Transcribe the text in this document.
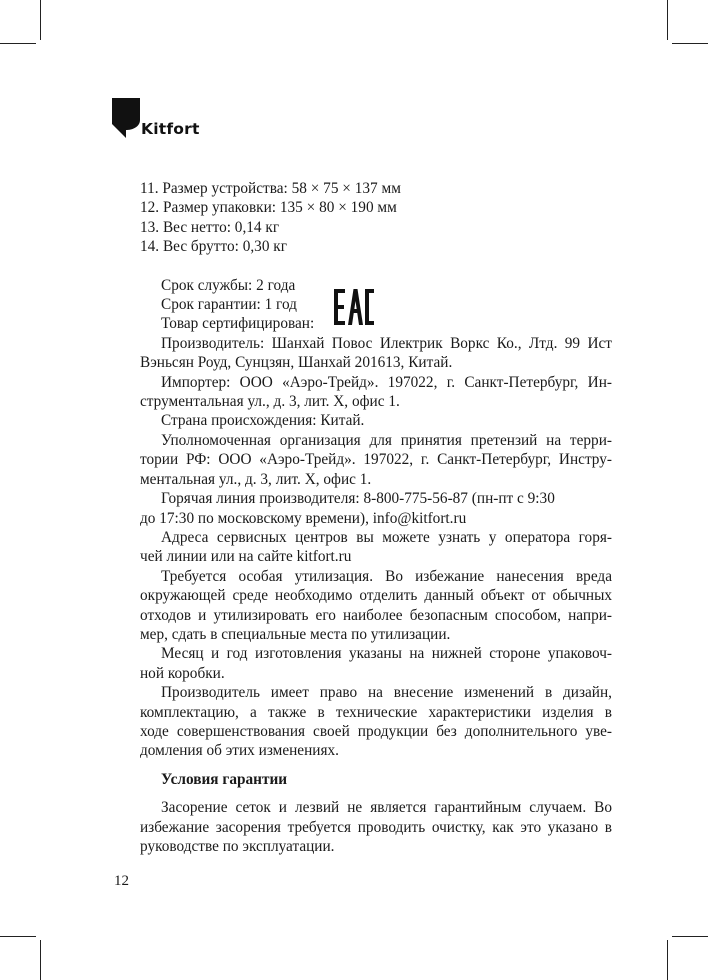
Kitfort
11. Размер устройства: 58 × 75 × 137 мм
12. Размер упаковки: 135 × 80 × 190 мм
13. Вес нетто: 0,14 кг
14. Вес брутто: 0,30 кг
Срок службы: 2 года
Срок гарантии: 1 год
Товар сертифицирован:
Производитель: Шанхай Повос Илектрик Воркс Ко., Лтд. 99 Ист
Вэньсян Роуд, Сунцзян, Шанхай 201613, Китай.
Импортер: ООО «Аэро-Трейд». 197022, г. Санкт-Петербург, Ин-
струментальная ул., д. 3, лит. Х, офис 1.
Страна происхождения: Китай.
Уполномоченная организация для принятия претензий на терри-
тории РФ: ООО «Аэро-Трейд». 197022, г. Санкт-Петербург, Инстру-
ментальная ул., д. 3, лит. Х, офис 1.
Горячая линия производителя: 8-800-775-56-87 (пн-пт с 9:30
до 17:30 по московскому времени), info@kitfort.ru
Адреса сервисных центров вы можете узнать у оператора горя-
чей линии или на сайте kitfort.ru
Требуется особая утилизация. Во избежание нанесения вреда
окружающей среде необходимо отделить данный объект от обычных
отходов и утилизировать его наиболее безопасным способом, напри-
мер, сдать в специальные места по утилизации.
Месяц и год изготовления указаны на нижней стороне упаковоч-
ной коробки.
Производитель имеет право на внесение изменений в дизайн,
комплектацию, а также в технические характеристики изделия в
ходе совершенствования своей продукции без дополнительного уве-
домления об этих изменениях.
Условия гарантии
Засорение сеток и лезвий не является гарантийным случаем. Во
избежание засорения требуется проводить очистку, как это указано в
руководстве по эксплуатации.
12
